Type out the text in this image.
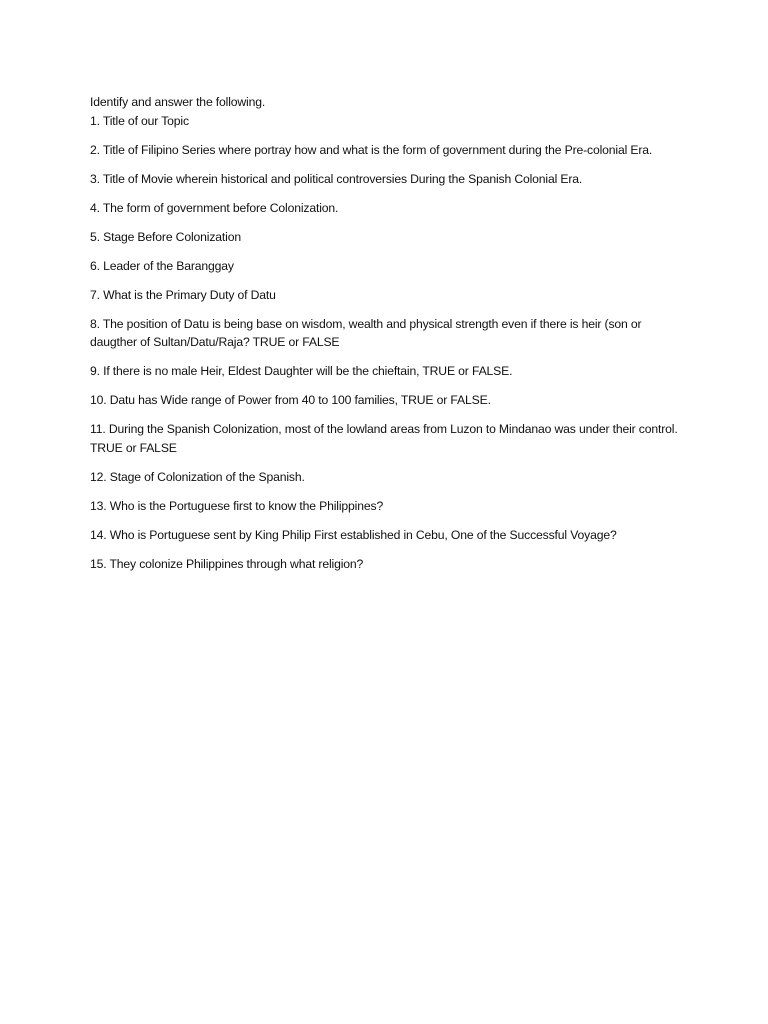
Identify and answer the following.

1. Title of our Topic
2. Title of Filipino Series where portray how and what is the form of government during the Pre-colonial Era.
3. Title of Movie wherein historical and political controversies During the Spanish Colonial Era.
4. The form of government before Colonization.
5. Stage Before Colonization
6. Leader of the Baranggay
7. What is the Primary Duty of Datu
8. The position of Datu is being base on wisdom, wealth and physical strength even if there is heir (son or daugther of Sultan/Datu/Raja? TRUE or FALSE
9. If there is no male Heir, Eldest Daughter will be the chieftain, TRUE or FALSE.
10. Datu has Wide range of Power from 40 to 100 families, TRUE or FALSE.
11. During the Spanish Colonization, most of the lowland areas from Luzon to Mindanao was under their control. TRUE or FALSE
12. Stage of Colonization of the Spanish.
13. Who is the Portuguese first to know the Philippines?
14. Who is Portuguese sent by King Philip First established in Cebu, One of the Successful Voyage?
15. They colonize Philippines through what religion?
